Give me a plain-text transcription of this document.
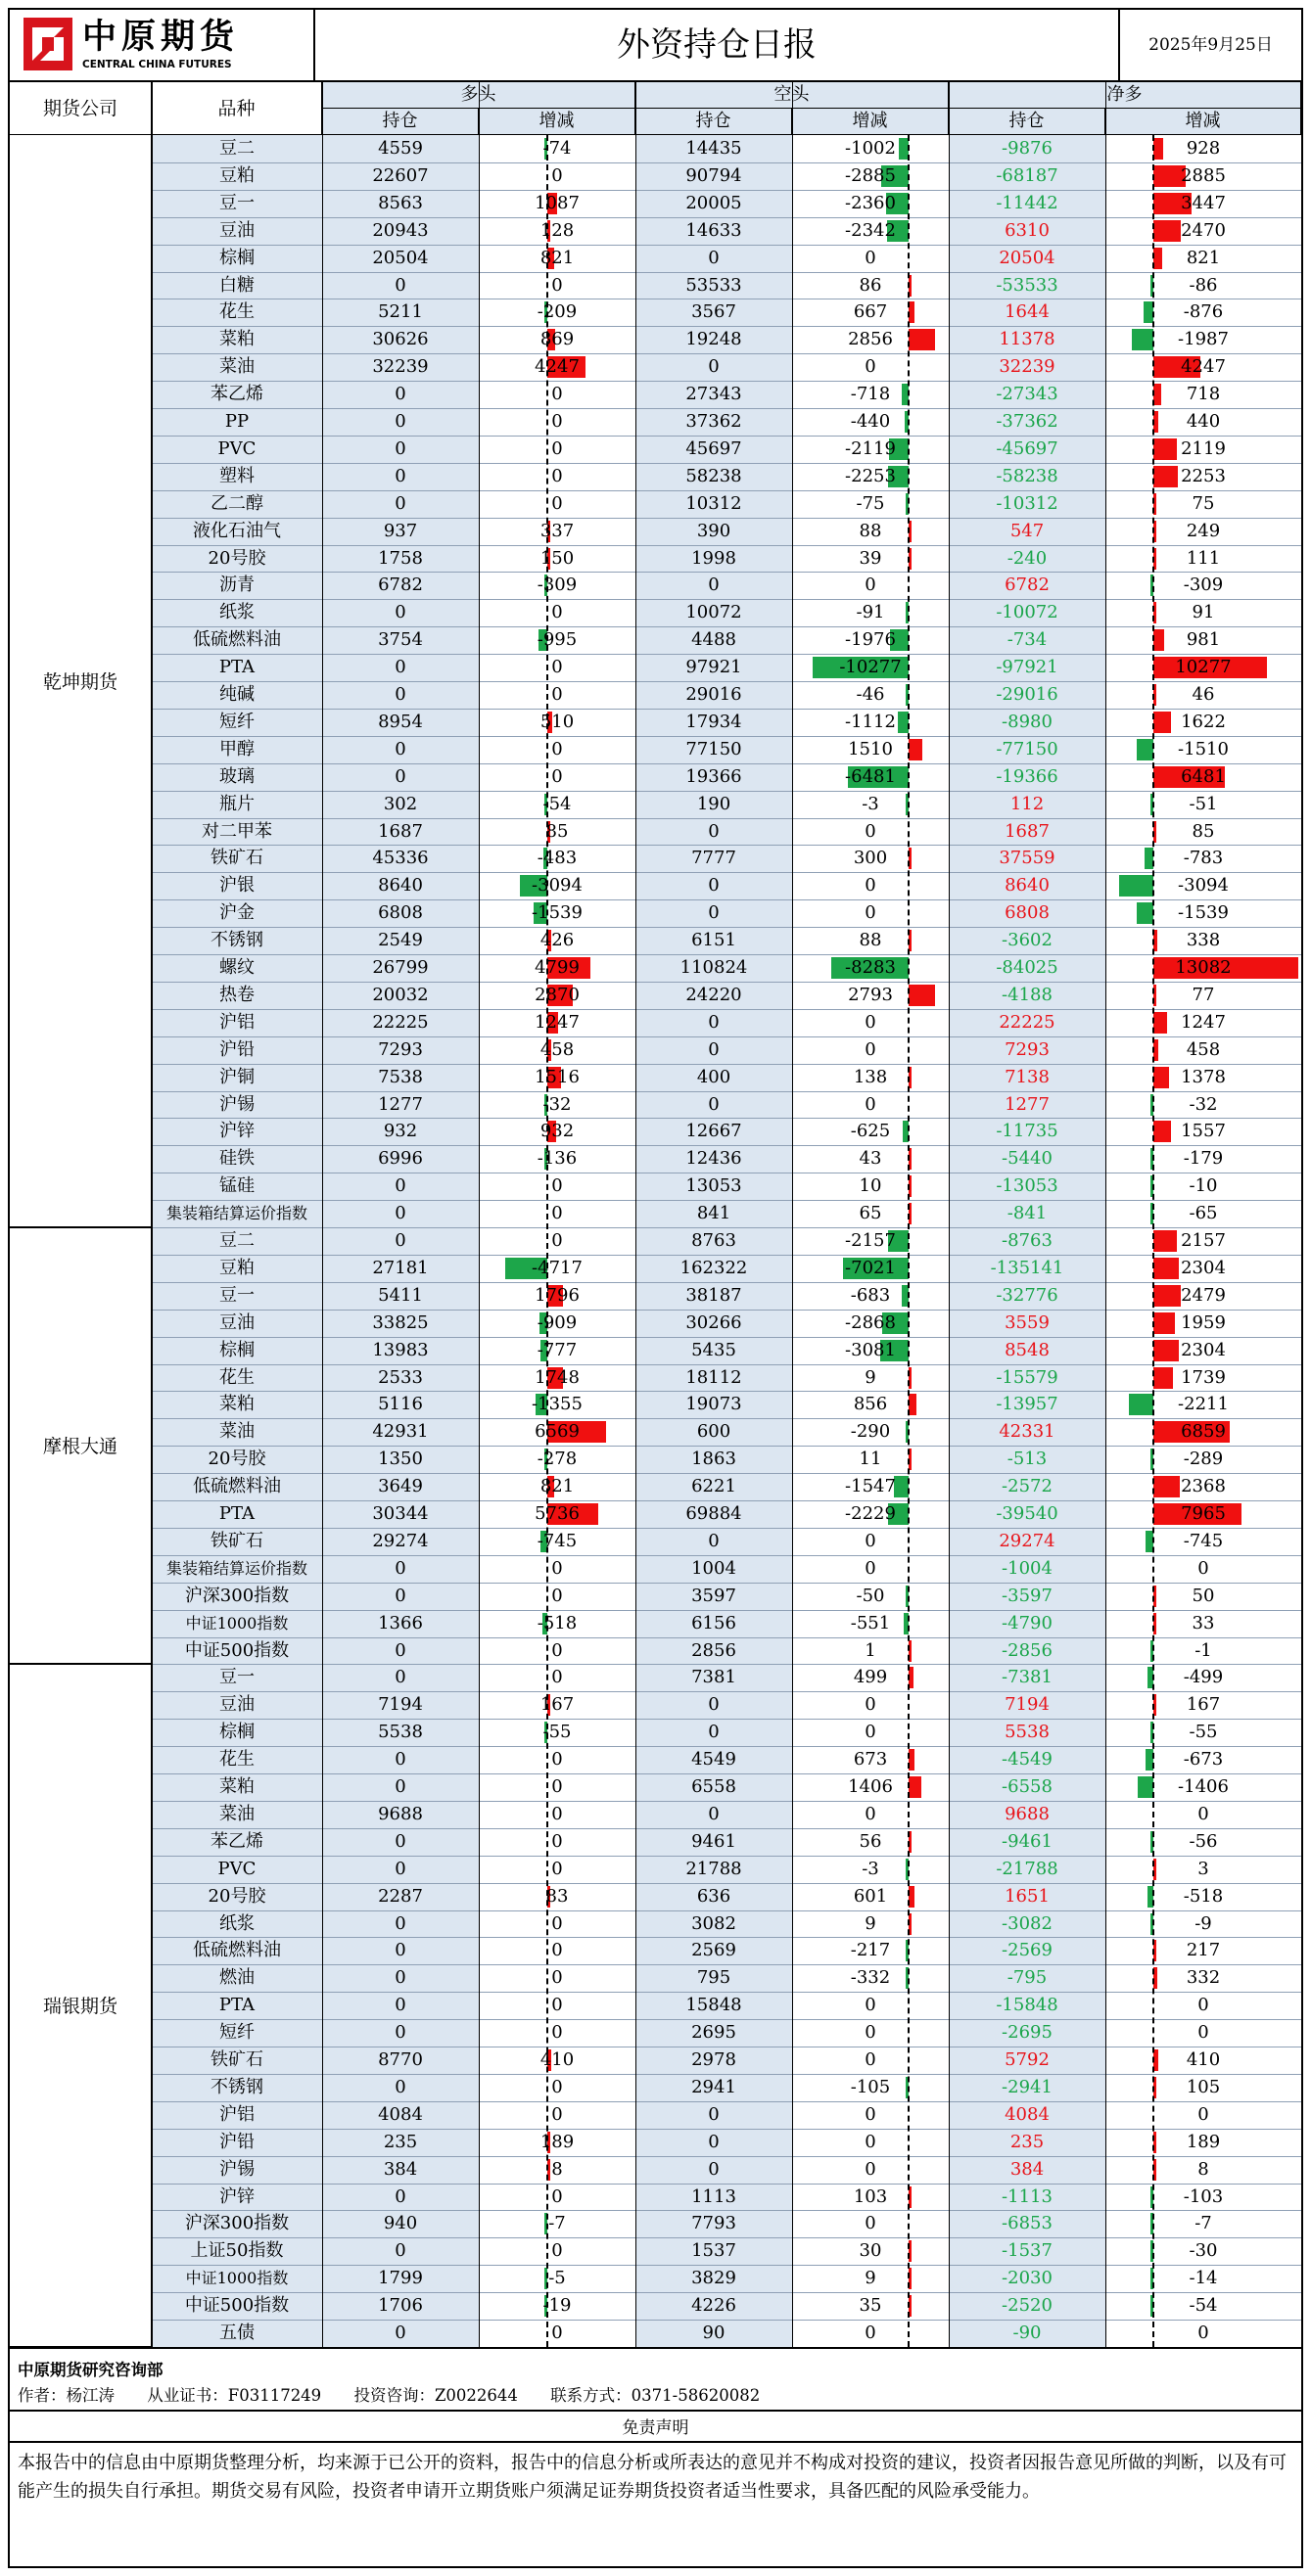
中原期货
CENTRAL CHINA FUTURES	外资持仓日报	2025年9月25日
期货公司	品种
多头	空头	净多
持仓	增减	持仓	增减	持仓	增减
豆二	4559	-74	14435	-1002	-9876	928
豆粕	22607	0	90794	-2885	-68187	2885
豆一	8563	1087	20005	-2360	-11442	3447
豆油	20943	128	14633	-2342	6310	2470
棕榈	20504	821	0	0	20504	821
白糖	0	0	53533	86	-53533	-86
花生	5211	-209	3567	667	1644	-876
菜粕	30626	869	19248	2856	11378	-1987
菜油	32239	4247	0	0	32239	4247
苯乙烯	0	0	27343	-718	-27343	718
PP	0	0	37362	-440	-37362	440
PVC	0	0	45697	-2119	-45697	2119
塑料	0	0	58238	-2253	-58238	2253
乙二醇	0	0	10312	-75	-10312	75
液化石油气	937	337	390	88	547	249
20号胶	1758	150	1998	39	-240	111
沥青	6782	-309	0	0	6782	-309
纸浆	0	0	10072	-91	-10072	91
低硫燃料油	3754	-995	4488	-1976	-734	981
PTA	0	0	97921	-10277	-97921	10277
纯碱	0	0	29016	-46	-29016	46
短纤	8954	510	17934	-1112	-8980	1622
甲醇	0	0	77150	1510	-77150	-1510
玻璃	0	0	19366	-6481	-19366	6481
瓶片	302	-54	190	-3	112	-51
对二甲苯	1687	85	0	0	1687	85
铁矿石	45336	-483	7777	300	37559	-783
沪银	8640	-3094	0	0	8640	-3094
沪金	6808	-1539	0	0	6808	-1539
不锈钢	2549	426	6151	88	-3602	338
螺纹	26799	4799	110824	-8283	-84025	13082
热卷	20032	2870	24220	2793	-4188	77
沪铝	22225	1247	0	0	22225	1247
沪铅	7293	458	0	0	7293	458
沪铜	7538	1516	400	138	7138	1378
沪锡	1277	-32	0	0	1277	-32
沪锌	932	932	12667	-625	-11735	1557
硅铁	6996	-136	12436	43	-5440	-179
锰硅	0	0	13053	10	-13053	-10
集装箱结算运价指数	0	0	841	65	-841	-65
乾坤期货
豆二	0	0	8763	-2157	-8763	2157
豆粕	27181	-4717	162322	-7021	-135141	2304
豆一	5411	1796	38187	-683	-32776	2479
豆油	33825	-909	30266	-2868	3559	1959
棕榈	13983	-777	5435	-3081	8548	2304
花生	2533	1748	18112	9	-15579	1739
菜粕	5116	-1355	19073	856	-13957	-2211
菜油	42931	6569	600	-290	42331	6859
20号胶	1350	-278	1863	11	-513	-289
低硫燃料油	3649	821	6221	-1547	-2572	2368
PTA	30344	5736	69884	-2229	-39540	7965
铁矿石	29274	-745	0	0	29274	-745
集装箱结算运价指数	0	0	1004	0	-1004	0
沪深300指数	0	0	3597	-50	-3597	50
中证1000指数	1366	-518	6156	-551	-4790	33
中证500指数	0	0	2856	1	-2856	-1
摩根大通
豆一	0	0	7381	499	-7381	-499
豆油	7194	167	0	0	7194	167
棕榈	5538	-55	0	0	5538	-55
花生	0	0	4549	673	-4549	-673
菜粕	0	0	6558	1406	-6558	-1406
菜油	9688	0	0	0	9688	0
苯乙烯	0	0	9461	56	-9461	-56
PVC	0	0	21788	-3	-21788	3
20号胶	2287	83	636	601	1651	-518
纸浆	0	0	3082	9	-3082	-9
低硫燃料油	0	0	2569	-217	-2569	217
燃油	0	0	795	-332	-795	332
PTA	0	0	15848	0	-15848	0
短纤	0	0	2695	0	-2695	0
铁矿石	8770	410	2978	0	5792	410
不锈钢	0	0	2941	-105	-2941	105
沪铝	4084	0	0	0	4084	0
沪铅	235	189	0	0	235	189
沪锡	384	8	0	0	384	8
沪锌	0	0	1113	103	-1113	-103
沪深300指数	940	-7	7793	0	-6853	-7
上证50指数	0	0	1537	30	-1537	-30
中证1000指数	1799	-5	3829	9	-2030	-14
中证500指数	1706	-19	4226	35	-2520	-54
五债	0	0	90	0	-90	0
瑞银期货
中原期货研究咨询部
作者：杨江涛 从业证书：F03117249 投资咨询：Z0022644 联系方式：0371-58620082
免责声明
本报告中的信息由中原期货整理分析，均来源于已公开的资料，报告中的信息分析或所表达的意见并不构成对投资的建议，投资者因报告意见所做的判断，以及有可能产生的损失自行承担。期货交易有风险，投资者申请开立期货账户须满足证券期货投资者适当性要求，具备匹配的风险承受能力。
